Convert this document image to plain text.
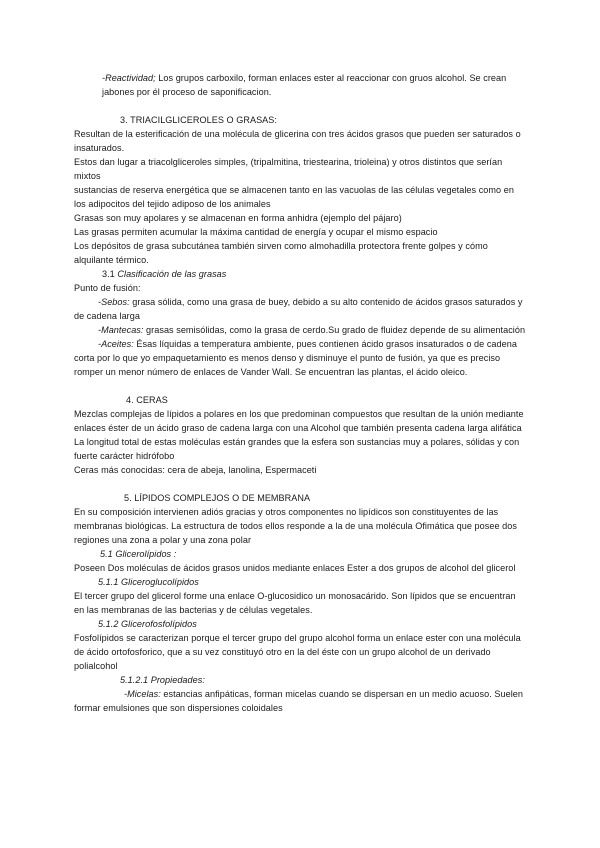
-Reactividad; Los grupos carboxilo, forman enlaces ester al reaccionar con gruos alcohol. Se crean jabones por él proceso de saponificacion.

3. TRIACILGLICEROLES O GRASAS:

Resultan de la esterificación de una molécula de glicerina con tres ácidos grasos que pueden ser saturados o insaturados.

Estos dan lugar a triacolgliceroles simples, (tripalmitina, triestearina, trioleina) y otros distintos que serían mixtos

sustancias de reserva energética que se almacenen tanto en las vacuolas de las células vegetales como en los adipocitos del tejido adiposo de los animales

Grasas son muy apolares y se almacenan en forma anhidra (ejemplo del pájaro)

Las grasas permiten acumular la máxima cantidad de energía y ocupar el mismo espacio

Los depósitos de grasa subcutánea también sirven como almohadilla protectora frente golpes y cómo alquilante térmico.

3.1 Clasificación de las grasas

Punto de fusión:

-Sebos: grasa sólida, como una grasa de buey, debido a su alto contenido de ácidos grasos saturados y de cadena larga

-Mantecas: grasas semisólidas, como la grasa de cerdo.Su grado de fluidez depende de su alimentación

-Aceites: Ésas líquidas a temperatura ambiente, pues contienen ácido grasos insaturados o de cadena corta por lo que yo empaquetamiento es menos denso y disminuye el punto de fusión, ya que es preciso romper un menor número de enlaces de Vander Wall. Se encuentran las plantas, el ácido oleico.

4. CERAS

Mezclas complejas de lípidos a polares en los que predominan compuestos que resultan de la unión mediante enlaces éster de un ácido graso de cadena larga con una Alcohol que también presenta cadena larga alifática

La longitud total de estas moléculas están grandes que la esfera son sustancias muy a polares, sólidas y con fuerte carácter hidrófobo

Ceras más conocidas: cera de abeja, lanolina, Espermaceti

5. LÍPIDOS COMPLEJOS O DE MEMBRANA

En su composición intervienen adiós gracias y otros componentes no lipídicos son constituyentes de las membranas biológicas. La estructura de todos ellos responde a la de una molécula Ofimática que posee dos regiones una zona a polar y una zona polar

5.1 Glicerolípidos :

Poseen Dos moléculas de ácidos grasos unidos mediante enlaces Ester a dos grupos de alcohol del glicerol

5.1.1 Gliceroglucolípidos

El tercer grupo del glicerol forme una enlace O-glucosidico un monosacárido. Son lípidos que se encuentran en las membranas de las bacterias y de células vegetales.

5.1.2 Glicerofosfolípidos

Fosfolípidos se caracterizan porque el tercer grupo del grupo alcohol forma un enlace ester con una molécula de ácido ortofosforico, que a su vez constituyó otro en la del éste con un grupo alcohol de un derivado polialcohol

5.1.2.1 Propiedades:

-Micelas: estancias anfipáticas, forman micelas cuando se dispersan en un medio acuoso. Suelen formar emulsiones que son dispersiones coloidales
